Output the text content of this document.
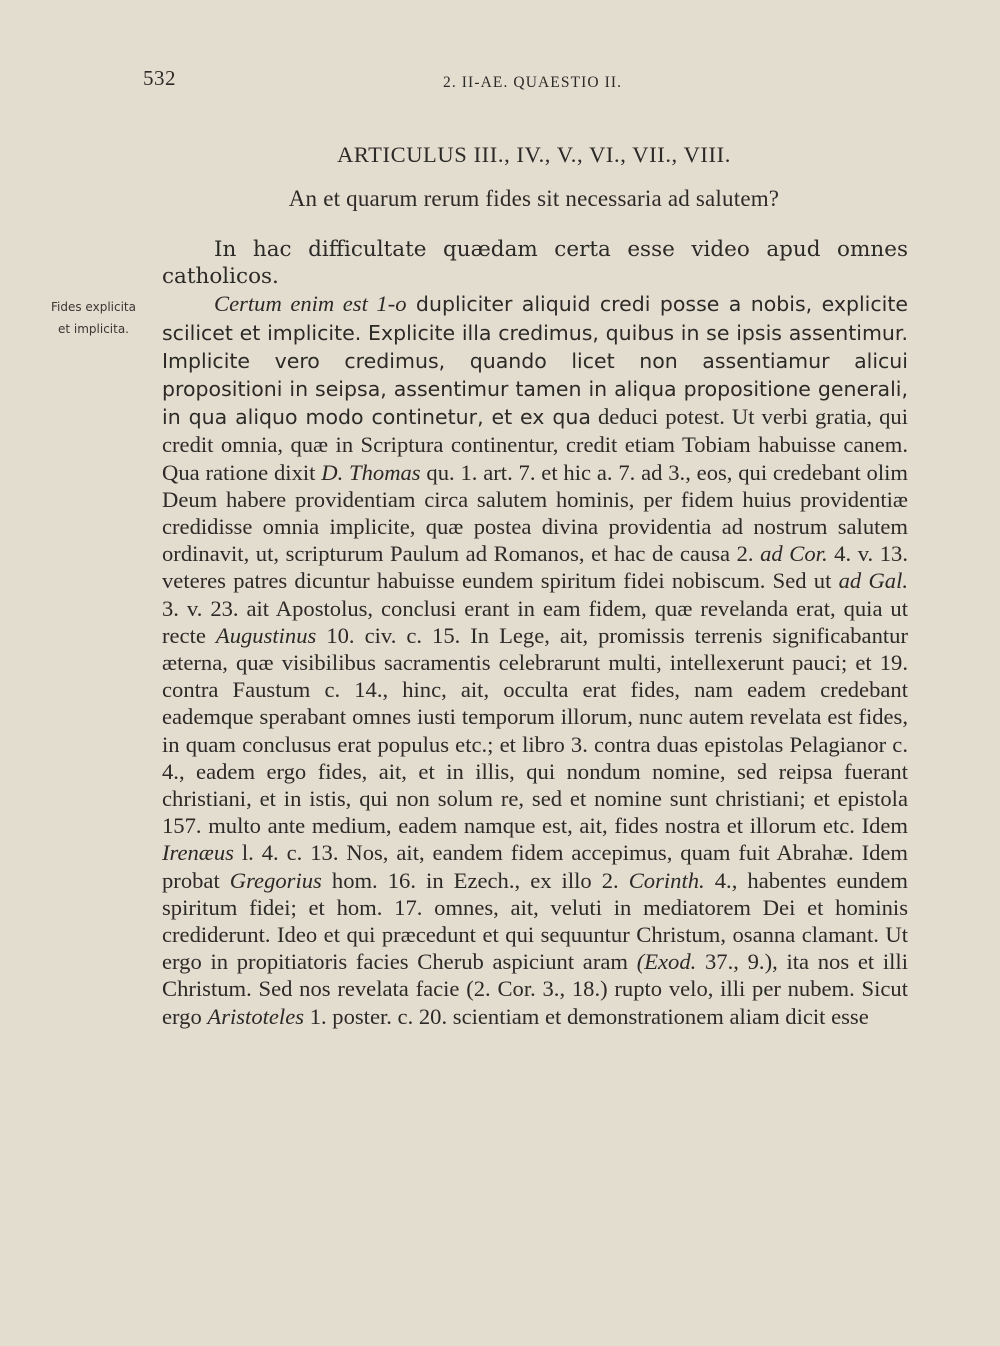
532	2. II-AE. QUAESTIO II.
ARTICULUS III., IV., V., VI., VII., VIII.
An et quarum rerum fides sit necessaria ad salutem?
Fides explicita
et implicita.

In hac difficultate quædam certa esse video apud omnes catholicos.

Certum enim est 1-o dupliciter aliquid credi posse a nobis, explicite scilicet et implicite. Explicite illa credimus, quibus in se ipsis assentimur. Implicite vero credimus, quando licet non assentiamur alicui propositioni in seipsa, assentimur tamen in aliqua propositione generali, in qua aliquo modo continetur, et ex qua deduci potest. Ut verbi gratia, qui credit omnia, quæ in Scriptura continentur, credit etiam Tobiam habuisse canem. Qua ratione dixit D. Thomas qu. 1. art. 7. et hic a. 7. ad 3., eos, qui credebant olim Deum habere providentiam circa salutem hominis, per fidem huius providentiæ credidisse omnia implicite, quæ postea divina providentia ad nostrum salutem ordinavit, ut, scripturum Paulum ad Romanos, et hac de causa 2. ad Cor. 4. v. 13. veteres patres dicuntur habuisse eundem spiritum fidei nobiscum. Sed ut ad Gal. 3. v. 23. ait Apostolus, conclusi erant in eam fidem, quæ revelanda erat, quia ut recte Augustinus 10. civ. c. 15. In Lege, ait, promissis terrenis significabantur æterna, quæ visibilibus sacramentis celebrarunt multi, intellexerunt pauci; et 19. contra Faustum c. 14., hinc, ait, occulta erat fides, nam eadem credebant eademque sperabant omnes iusti temporum illorum, nunc autem revelata est fides, in quam conclusus erat populus etc.; et libro 3. contra duas epistolas Pelagianor c. 4., eadem ergo fides, ait, et in illis, qui nondum nomine, sed reipsa fuerant christiani, et in istis, qui non solum re, sed et nomine sunt christiani; et epistola 157. multo ante medium, eadem namque est, ait, fides nostra et illorum etc. Idem Irenæus l. 4. c. 13. Nos, ait, eandem fidem accepimus, quam fuit Abrahæ. Idem probat Gregorius hom. 16. in Ezech., ex illo 2. Corinth. 4., habentes eundem spiritum fidei; et hom. 17. omnes, ait, veluti in mediatorem Dei et hominis crediderunt. Ideo et qui præcedunt et qui sequuntur Christum, osanna clamant. Ut ergo in propitiatoris facies Cherub aspiciunt aram (Exod. 37., 9.), ita nos et illi Christum. Sed nos revelata facie (2. Cor. 3., 18.) rupto velo, illi per nubem. Sicut ergo Aristoteles 1. poster. c. 20. scientiam et demonstrationem aliam dicit esse
